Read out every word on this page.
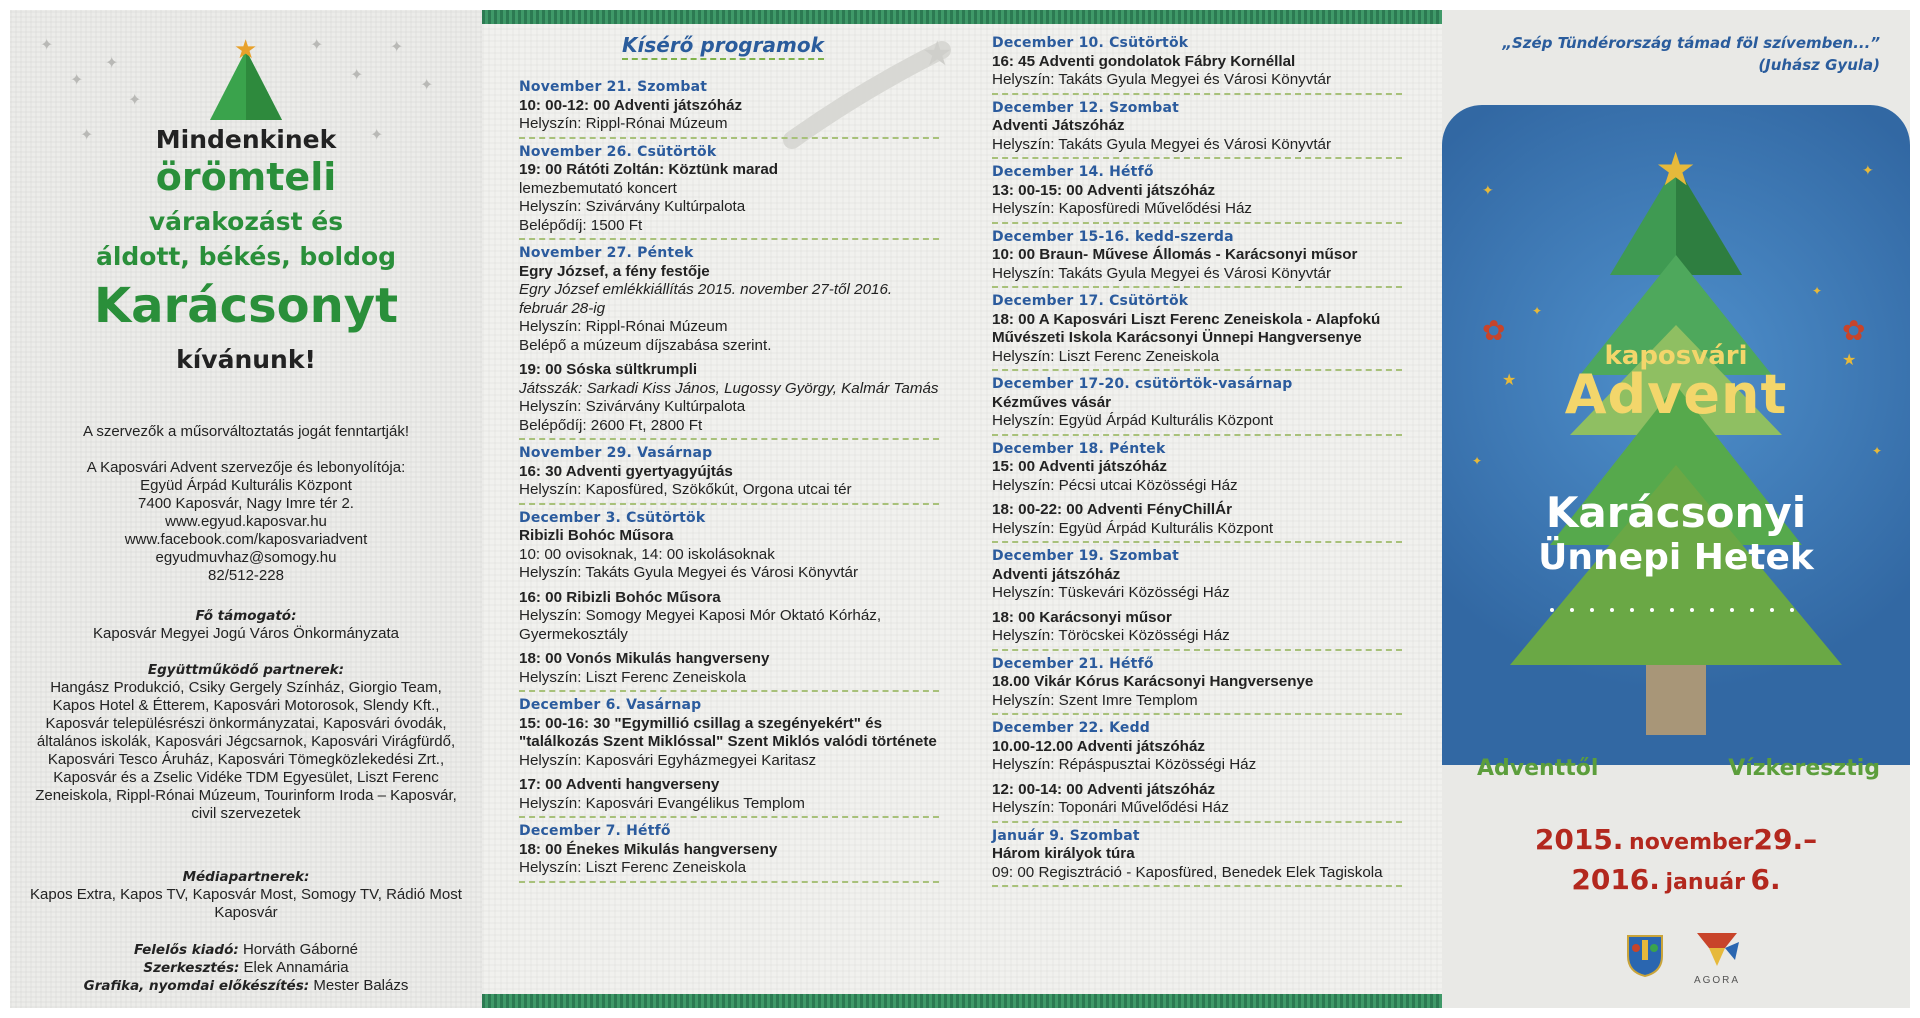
✦
✦
✦
✦
✦
✦
✦
✦
✦	✦
★
Mindenkinek
örömteli
várakozást és
áldott, békés, boldog
Karácsonyt
kívánunk!
A szervezők a műsorváltoztatás jogát fenntartják!
A Kaposvári Advent szervezője és lebonyolítója:
Együd Árpád Kulturális Központ
7400 Kaposvár, Nagy Imre tér 2.
www.egyud.kaposvar.hu
www.facebook.com/kaposvariadvent
egyudmuvhaz@somogy.hu
82/512-228
Fő támogató:
Kaposvár Megyei Jogú Város Önkormányzata
Együttműködő partnerek:
Hangász Produkció, Csiky Gergely Színház, Giorgio Team, Kapos Hotel & Étterem, Kaposvári Motorosok, Slendy Kft., Kaposvár településrészi önkormányzatai, Kaposvári óvodák, általános iskolák, Kaposvári Jégcsarnok, Kaposvári Virágfürdő, Kaposvári Tesco Áruház, Kaposvári Tömegközlekedési Zrt., Kaposvár és a Zselic Vidéke TDM Egyesület, Liszt Ferenc Zeneiskola, Rippl-Rónai Múzeum, Tourinform Iroda – Kaposvár, civil szervezetek
Médiapartnerek:
Kapos Extra, Kapos TV, Kaposvár Most, Somogy TV, Rádió Most Kaposvár
Felelős kiadó: Horváth Gáborné
Szerkesztés: Elek Annamária
Grafika, nyomdai előkészítés: Mester Balázs
★
Kísérő programok
November 21. Szombat
10: 00-12: 00 Adventi játszóház
Helyszín: Rippl-Rónai Múzeum
November 26. Csütörtök
19: 00 Rátóti Zoltán: Köztünk marad
lemezbemutató koncert
Helyszín: Szivárvány Kultúrpalota
Belépődíj: 1500 Ft
November 27. Péntek
Egry József, a fény festője
Egry József emlékkiállítás 2015. november 27-től 2016. február 28-ig
Helyszín: Rippl-Rónai Múzeum
Belépő a múzeum díjszabása szerint.
19: 00 Sóska sültkrumpli
Játsszák: Sarkadi Kiss János, Lugossy György, Kalmár Tamás
Helyszín: Szivárvány Kultúrpalota
Belépődíj: 2600 Ft, 2800 Ft
November 29. Vasárnap
16: 30 Adventi gyertyagyújtás
Helyszín: Kaposfüred, Szökőkút, Orgona utcai tér
December 3. Csütörtök
Ribizli Bohóc Műsora
10: 00 ovisoknak, 14: 00 iskolásoknak
Helyszín: Takáts Gyula Megyei és Városi Könyvtár
16: 00 Ribizli Bohóc Műsora
Helyszín: Somogy Megyei Kaposi Mór Oktató Kórház, Gyermekosztály
18: 00 Vonós Mikulás hangverseny
Helyszín: Liszt Ferenc Zeneiskola
December 6. Vasárnap
15: 00-16: 30 "Egymillió csillag a szegényekért" és "találkozás Szent Miklóssal" Szent Miklós valódi története
Helyszín: Kaposvári Egyházmegyei Karitasz
17: 00 Adventi hangverseny
Helyszín: Kaposvári Evangélikus Templom
December 7. Hétfő
18: 00 Énekes Mikulás hangverseny
Helyszín: Liszt Ferenc Zeneiskola
December 10. Csütörtök
16: 45 Adventi gondolatok Fábry Kornéllal
Helyszín: Takáts Gyula Megyei és Városi Könyvtár
December 12. Szombat
Adventi Játszóház
Helyszín: Takáts Gyula Megyei és Városi Könyvtár
December 14. Hétfő
13: 00-15: 00 Adventi játszóház
Helyszín: Kaposfüredi Művelődési Ház
December 15-16. kedd-szerda
10: 00 Braun- Művese Állomás - Karácsonyi műsor
Helyszín: Takáts Gyula Megyei és Városi Könyvtár
December 17. Csütörtök
18: 00 A Kaposvári Liszt Ferenc Zeneiskola - Alapfokú Művészeti Iskola Karácsonyi Ünnepi Hangversenye
Helyszín: Liszt Ferenc Zeneiskola
December 17-20. csütörtök-vasárnap
Kézműves vásár
Helyszín: Együd Árpád Kulturális Központ
December 18. Péntek
15: 00 Adventi játszóház
Helyszín: Pécsi utcai Közösségi Ház
18: 00-22: 00 Adventi FényChillÁr
Helyszín: Együd Árpád Kulturális Központ
December 19. Szombat
Adventi játszóház
Helyszín: Tüskevári Közösségi Ház
18: 00 Karácsonyi műsor
Helyszín: Töröcskei Közösségi Ház
December 21. Hétfő
18.00 Vikár Kórus Karácsonyi Hangversenye
Helyszín: Szent Imre Templom
December 22. Kedd
10.00-12.00 Adventi játszóház
Helyszín: Répáspusztai Közösségi Ház
12: 00-14: 00 Adventi játszóház
Helyszín: Toponári Művelődési Ház
Január 9. Szombat
Három királyok túra
09: 00 Regisztráció - Kaposfüred, Benedek Elek Tagiskola
„Szép Tündérország támad föl szívemben...”
(Juhász Gyula)
✦
✦
★
★
✦
✦
✦
✦
★
✿	✿
kaposvári
Advent
Karácsonyi
Ünnepi Hetek
Adventtől	Vízkeresztig
2015. november29.–
2016. január 6.
AGORA
